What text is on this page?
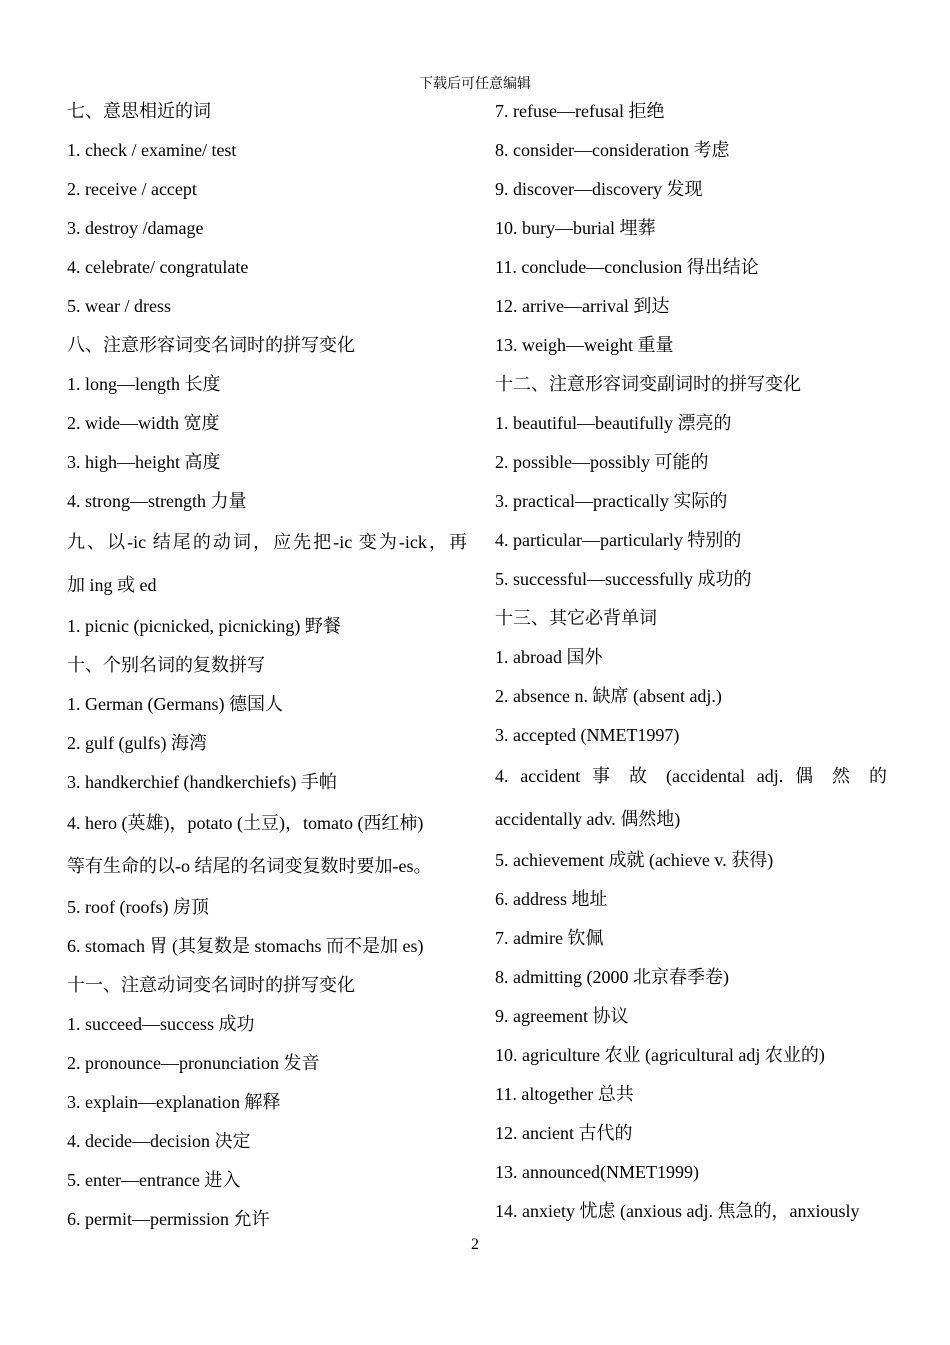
下载后可任意编辑
七、意思相近的词
1. check / examine/ test
2. receive / accept
3. destroy /damage
4. celebrate/ congratulate
5. wear / dress
八、注意形容词变名词时的拼写变化
1. long—length 长度
2. wide—width 宽度
3. high—height 高度
4. strong—strength 力量
九、以-ic 结尾的动词，应先把-ic 变为-ick，再
加 ing 或 ed
1. picnic (picnicked, picnicking) 野餐
十、个别名词的复数拼写
1. German (Germans) 德国人
2. gulf (gulfs) 海湾
3. handkerchief (handkerchiefs) 手帕
4. hero (英雄)，potato (土豆)，tomato (西红柿)
等有生命的以-o 结尾的名词变复数时要加-es。
5. roof (roofs) 房顶
6. stomach 胃 (其复数是 stomachs 而不是加 es)
十一、注意动词变名词时的拼写变化
1. succeed—success 成功
2. pronounce—pronunciation 发音
3. explain—explanation 解释
4. decide—decision 决定
5. enter—entrance 进入
6. permit—permission 允许
7. refuse—refusal 拒绝
8. consider—consideration 考虑
9. discover—discovery 发现
10. bury—burial 埋葬
11. conclude—conclusion 得出结论
12. arrive—arrival 到达
13. weigh—weight 重量
十二、注意形容词变副词时的拼写变化
1. beautiful—beautifully 漂亮的
2. possible—possibly 可能的
3. practical—practically 实际的
4. particular—particularly 特别的
5. successful—successfully 成功的
十三、其它必背单词
1. abroad 国外
2. absence n. 缺席 (absent adj.)
3. accepted (NMET1997)
4. accident 事 故 (accidental adj. 偶 然 的
accidentally adv. 偶然地)
5. achievement 成就 (achieve v. 获得)
6. address 地址
7. admire 钦佩
8. admitting (2000 北京春季卷)
9. agreement 协议
10. agriculture 农业 (agricultural adj 农业的)
11. altogether 总共
12. ancient 古代的
13. announced(NMET1999)
14. anxiety 忧虑 (anxious adj. 焦急的，anxiously
2
